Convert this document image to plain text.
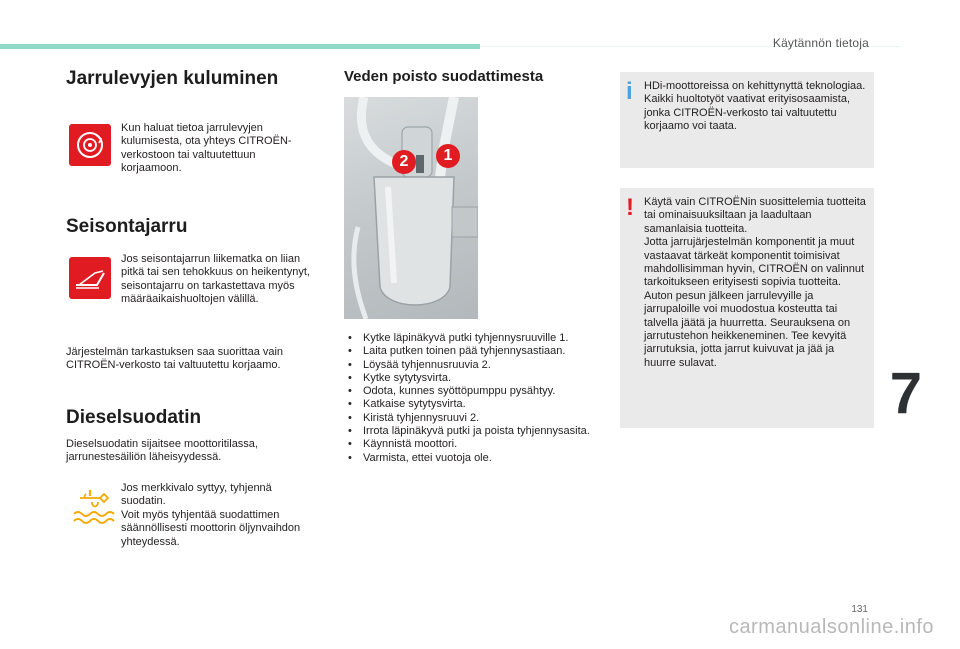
Käytännön tietoja
Jarrulevyjen kuluminen
Kun haluat tietoa jarrulevyjen kulumisesta, ota yhteys CITROËN-verkostoon tai valtuutettuun korjaamoon.
Seisontajarru
Jos seisontajarrun liikematka on liian pitkä tai sen tehokkuus on heikentynyt, seisontajarru on tarkastettava myös määräaikaishuoltojen välillä.
Järjestelmän tarkastuksen saa suorittaa vain CITROËN-verkosto tai valtuutettu korjaamo.
Dieselsuodatin
Dieselsuodatin sijaitsee moottoritilassa, jarrunestesäiliön läheisyydessä.

Jos merkkivalo syttyy, tyhjennä suodatin.

Voit myös tyhjentää suodattimen säännöllisesti moottorin öljynvaihdon yhteydessä.

Veden poisto suodattimesta
2	1
• Kytke läpinäkyvä putki tyhjennysruuville 1.
• Laita putken toinen pää tyhjennysastiaan.
• Löysää tyhjennusruuvia 2.
• Kytke sytytysvirta.
• Odota, kunnes syöttöpumppu pysähtyy.
• Katkaise sytytysvirta.
• Kiristä tyhjennysruuvi 2.
• Irrota läpinäkyvä putki ja poista tyhjennysasita.
• Käynnistä moottori.
• Varmista, ettei vuotoja ole.
i HDi-moottoreissa on kehittynyttä teknologiaa. Kaikki huoltotyöt vaativat erityisosaamista, jonka CITROËN-verkosto tai valtuutettu korjaamo voi taata.
! Käytä vain CITROËNin suosittelemia tuotteita tai ominaisuuksiltaan ja laadultaan samanlaisia tuotteita.

Jotta jarrujärjestelmän komponentit ja muut vastaavat tärkeät komponentit toimisivat mahdollisimman hyvin, CITROËN on valinnut tarkoitukseen erityisesti sopivia tuotteita.

Auton pesun jälkeen jarrulevyille ja jarrupaloille voi muodostua kosteutta tai talvella jäätä ja huurretta. Seurauksena on jarrutustehon heikkeneminen. Tee kevyitä jarrutuksia, jotta jarrut kuivuvat ja jää ja huurre sulavat.	7
131
carmanualsonline.info
